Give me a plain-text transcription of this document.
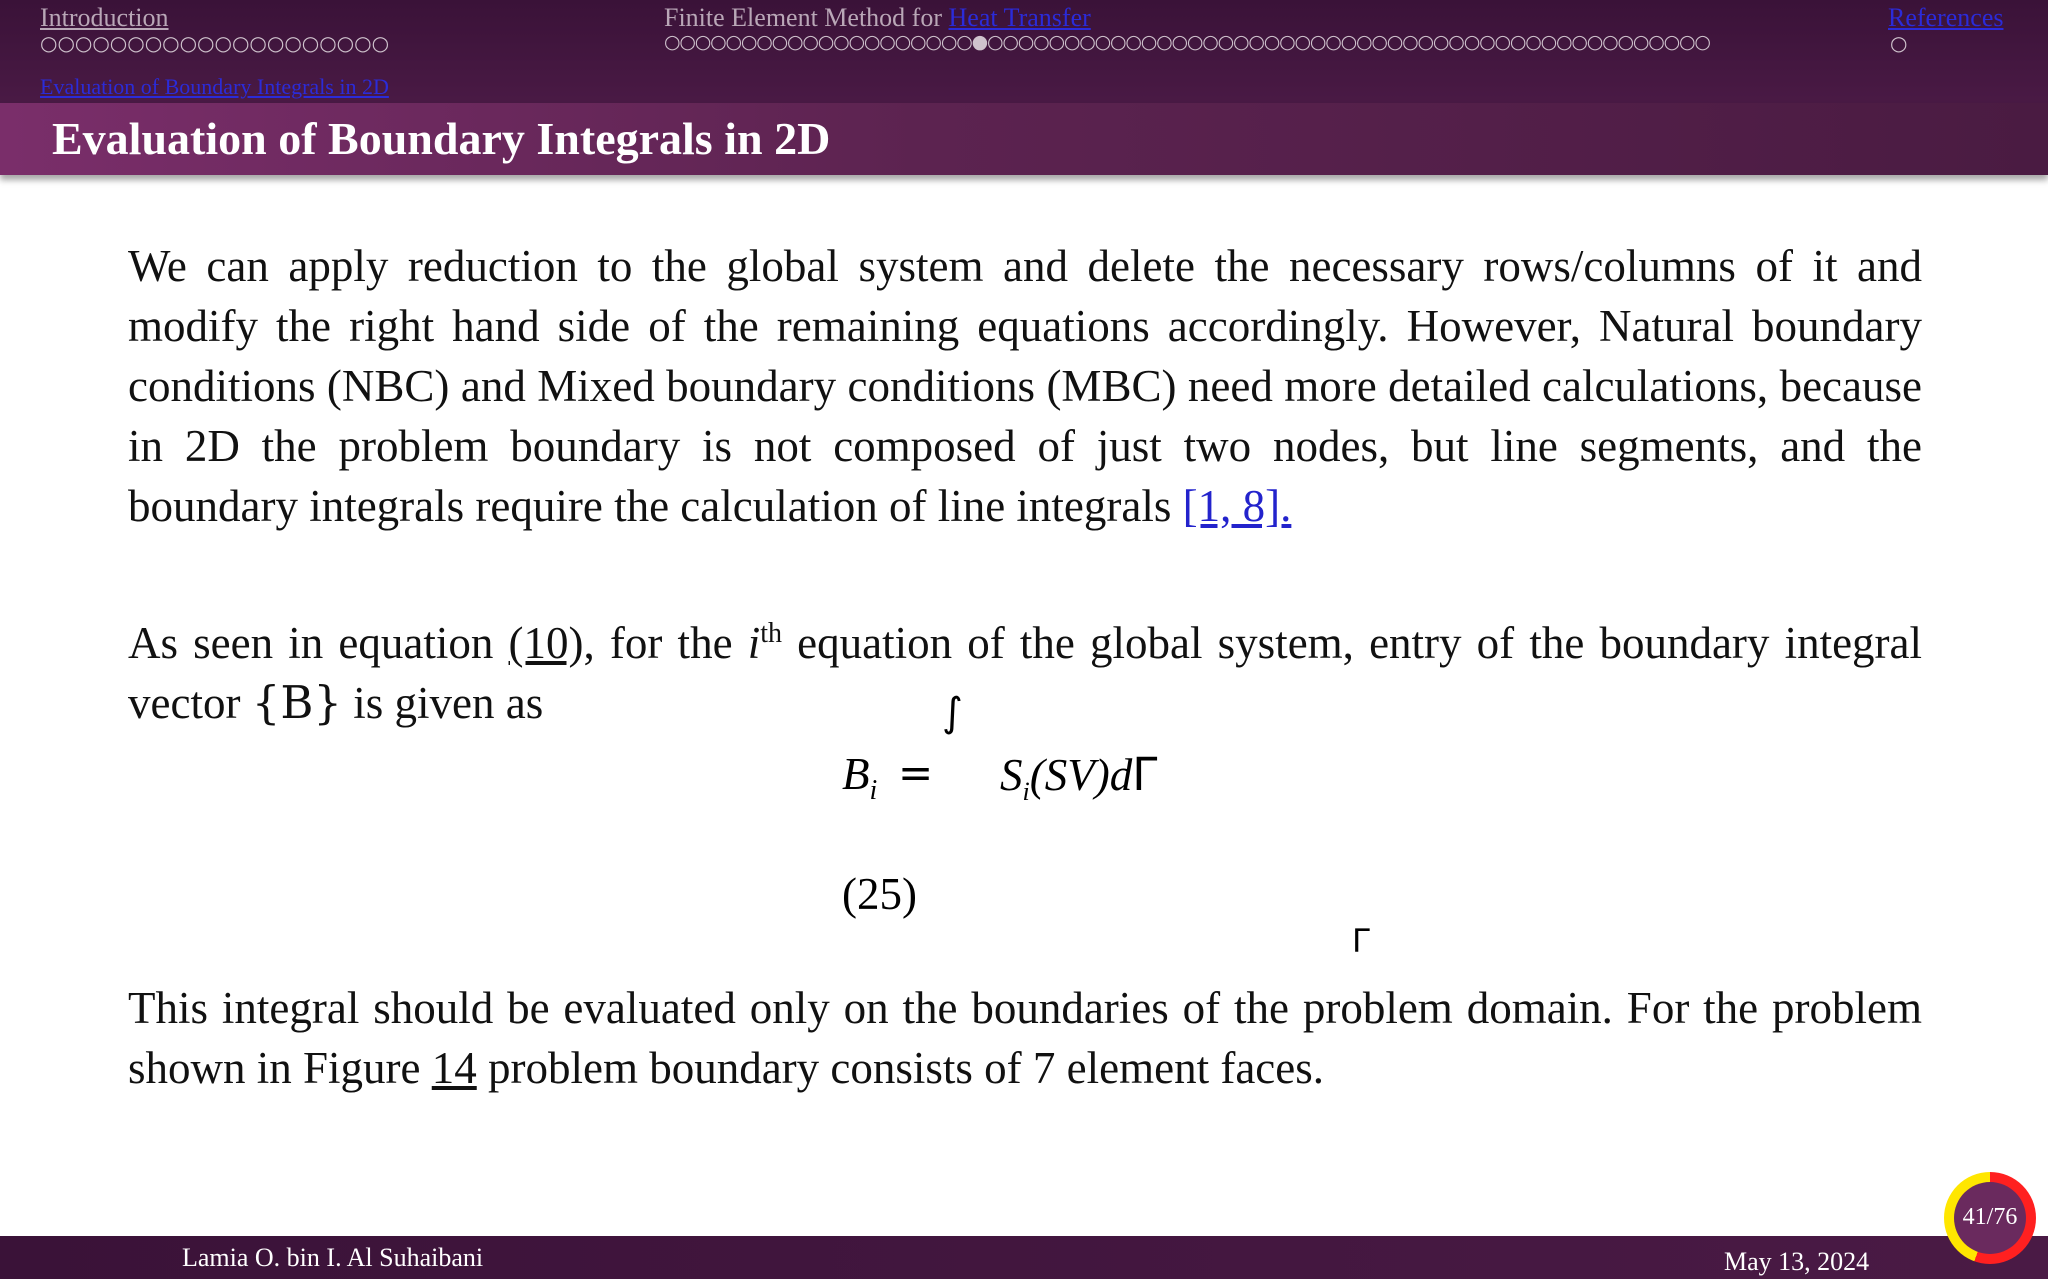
Introduction
○○○○○○○○○○○○○○○○○○○○
Finite Element Method for Heat Transfer
○○○○○○○○○○○○○○○○○○○○●○○○○○○○○○○○○○○○○○○○○○○○○○○○○○○○○○○○○○○○○○○○○○○○
References
○
Evaluation of Boundary Integrals in 2D
Evaluation of Boundary Integrals in 2D
We can apply reduction to the global system and delete the necessary rows/columns of it and modify the right hand side of the remaining equations accordingly. However, Natural boundary conditions (NBC) and Mixed boundary conditions (MBC) need more detailed calculations, because in 2D the problem boundary is not composed of just two nodes, but line segments, and the boundary integrals require the calculation of line integrals [1, 8].
As seen in equation (10), for the $i^{th}$ equation of the global system, entry of the boundary integral vector {B} is given as	∫
$B_i = S_i(SV)d\Gamma$
(25)
Γ
This integral should be evaluated only on the boundaries of the problem domain. For the problem shown in Figure 14 problem boundary consists of 7 element faces.
Lamia O. bin I. Al Suhaibani	May 13, 2024
41/76
